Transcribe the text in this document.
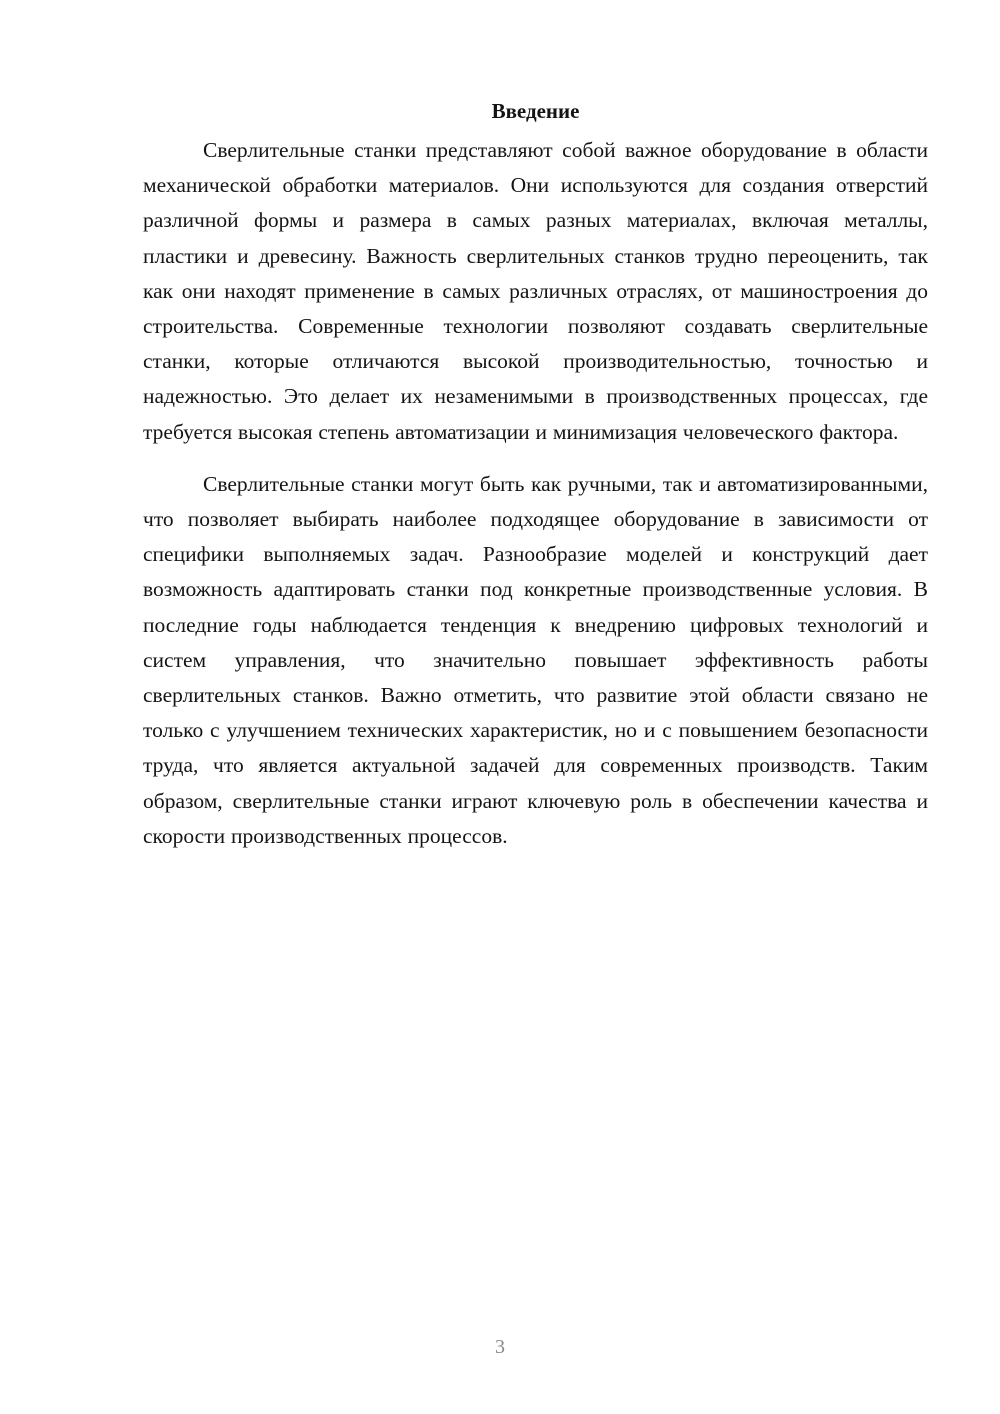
Введение

Сверлительные станки представляют собой важное оборудование в области механической обработки материалов. Они используются для создания отверстий различной формы и размера в самых разных материалах, включая металлы, пластики и древесину. Важность сверлительных станков трудно переоценить, так как они находят применение в самых различных отраслях, от машиностроения до строительства. Современные технологии позволяют создавать сверлительные станки, которые отличаются высокой производительностью, точностью и надежностью. Это делает их незаменимыми в производственных процессах, где требуется высокая степень автоматизации и минимизация человеческого фактора.

Сверлительные станки могут быть как ручными, так и автоматизированными, что позволяет выбирать наиболее подходящее оборудование в зависимости от специфики выполняемых задач. Разнообразие моделей и конструкций дает возможность адаптировать станки под конкретные производственные условия. В последние годы наблюдается тенденция к внедрению цифровых технологий и систем управления, что значительно повышает эффективность работы сверлительных станков. Важно отметить, что развитие этой области связано не только с улучшением технических характеристик, но и с повышением безопасности труда, что является актуальной задачей для современных производств. Таким образом, сверлительные станки играют ключевую роль в обеспечении качества и скорости производственных процессов.

3
